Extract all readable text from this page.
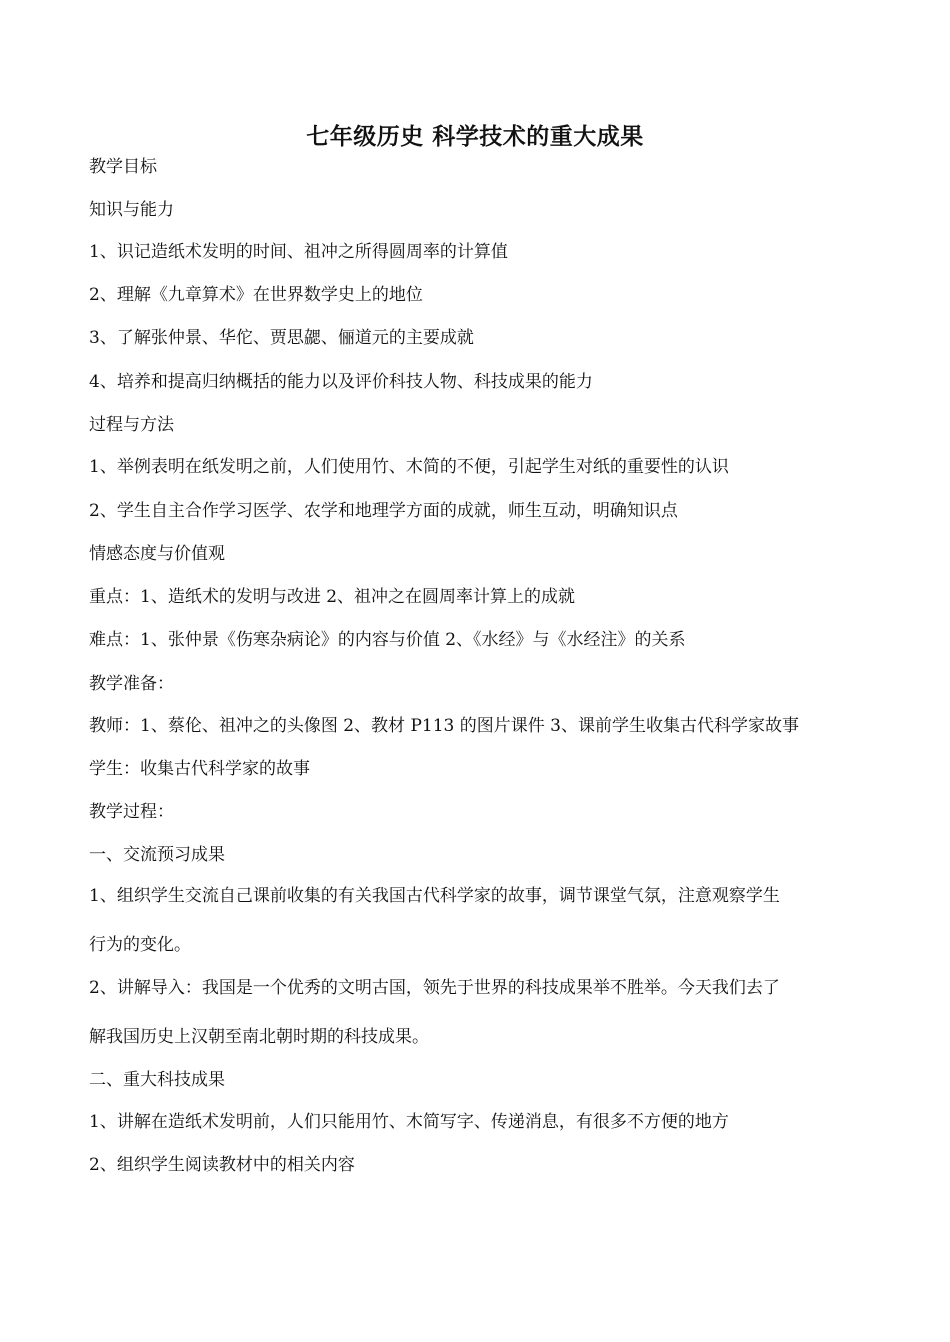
七年级历史 科学技术的重大成果
教学目标
知识与能力
1、识记造纸术发明的时间、祖冲之所得圆周率的计算值
2、理解《九章算术》在世界数学史上的地位
3、了解张仲景、华佗、贾思勰、俪道元的主要成就
4、培养和提高归纳概括的能力以及评价科技人物、科技成果的能力
过程与方法
1、举例表明在纸发明之前，人们使用竹、木简的不便，引起学生对纸的重要性的认识
2、学生自主合作学习医学、农学和地理学方面的成就，师生互动，明确知识点
情感态度与价值观
重点：1、造纸术的发明与改进 2、祖冲之在圆周率计算上的成就
难点：1、张仲景《伤寒杂病论》的内容与价值 2、《水经》与《水经注》的关系
教学准备：
教师：1、蔡伦、祖冲之的头像图 2、教材 P113 的图片课件 3、课前学生收集古代科学家故事
学生：收集古代科学家的故事
教学过程：
一、交流预习成果
1、组织学生交流自己课前收集的有关我国古代科学家的故事，调节课堂气氛，注意观察学生
行为的变化。
2、讲解导入：我国是一个优秀的文明古国，领先于世界的科技成果举不胜举。今天我们去了
解我国历史上汉朝至南北朝时期的科技成果。
二、重大科技成果
1、讲解在造纸术发明前，人们只能用竹、木简写字、传递消息，有很多不方便的地方
2、组织学生阅读教材中的相关内容
